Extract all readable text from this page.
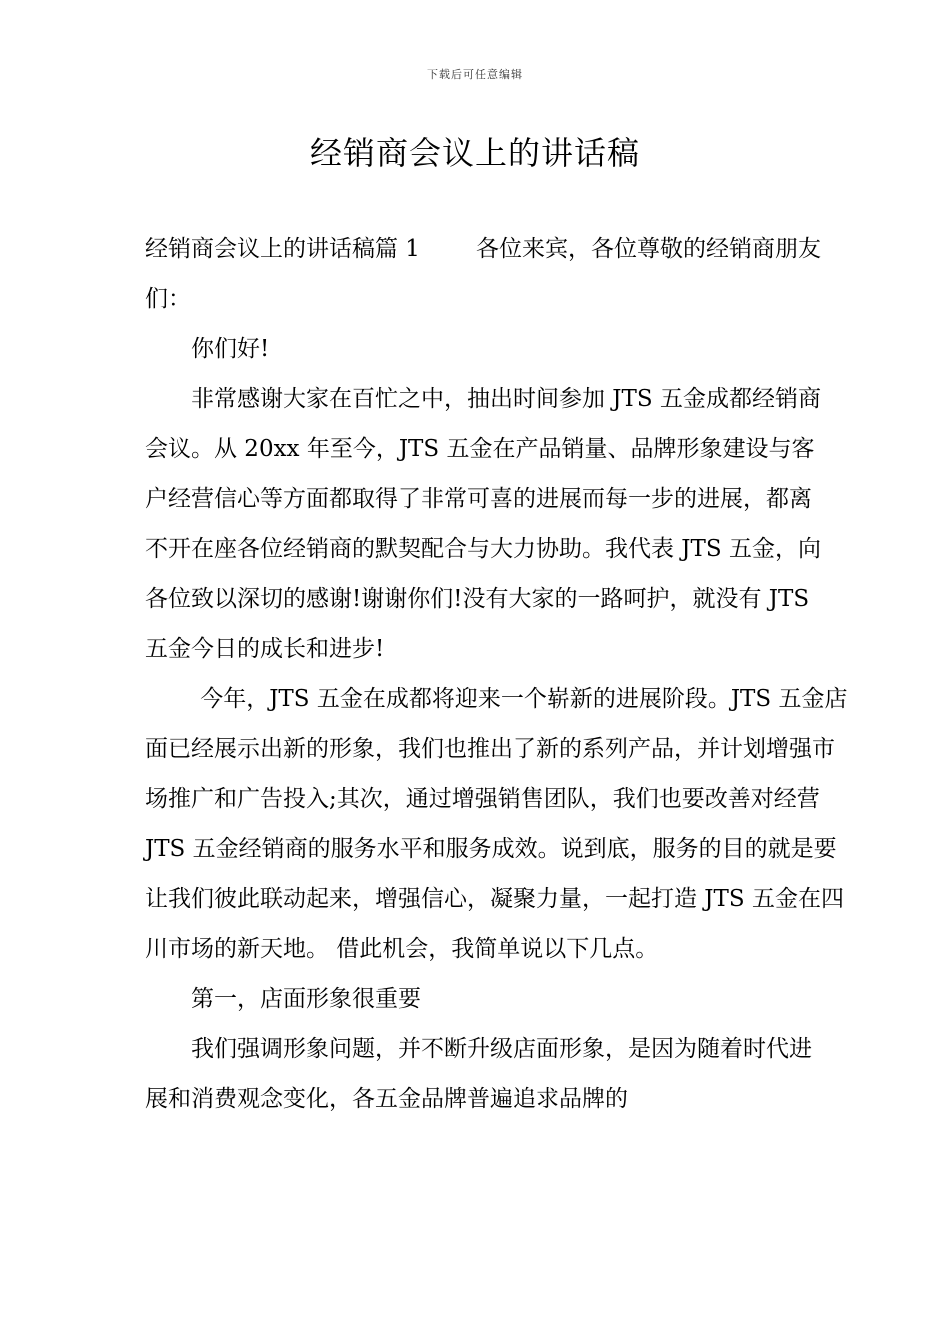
下载后可任意编辑
经销商会议上的讲话稿

经销商会议上的讲话稿篇 1 各位来宾，各位尊敬的经销商朋友们：

你们好!

非常感谢大家在百忙之中，抽出时间参加 JTS 五金成都经销商会议。从 20xx 年至今，JTS 五金在产品销量、品牌形象建设与客户经营信心等方面都取得了非常可喜的进展而每一步的进展，都离不开在座各位经销商的默契配合与大力协助。我代表 JTS 五金，向各位致以深切的感谢!谢谢你们!没有大家的一路呵护，就没有 JTS 五金今日的成长和进步!

今年，JTS 五金在成都将迎来一个崭新的进展阶段。JTS 五金店面已经展示出新的形象，我们也推出了新的系列产品，并计划增强市场推广和广告投入;其次，通过增强销售团队，我们也要改善对经营 JTS 五金经销商的服务水平和服务成效。说到底，服务的目的就是要让我们彼此联动起来，增强信心，凝聚力量，一起打造 JTS 五金在四川市场的新天地。 借此机会，我简单说以下几点。

第一，店面形象很重要

我们强调形象问题，并不断升级店面形象，是因为随着时代进展和消费观念变化，各五金品牌普遍追求品牌的
